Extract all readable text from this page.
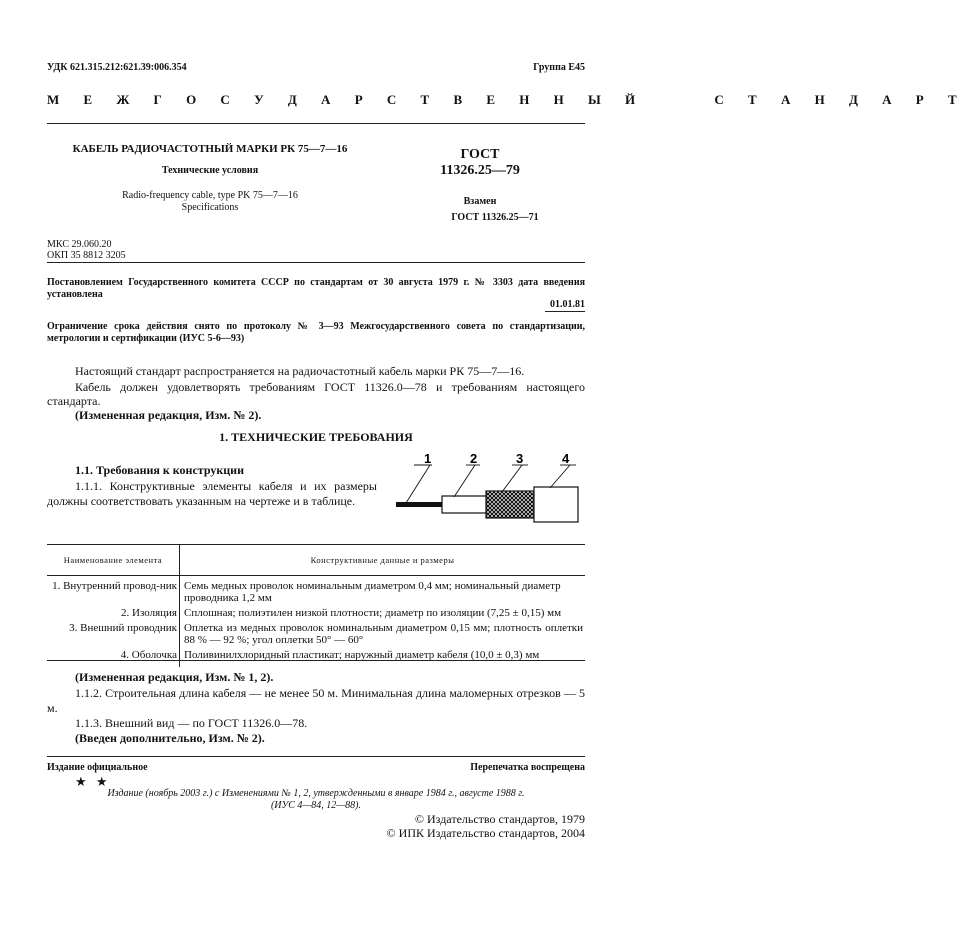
УДК 621.315.212:621.39:006.354	Группа Е45
М Е Ж Г О С У Д А Р С Т В Е Н Н Ы Й     С Т А Н Д А Р Т
КАБЕЛЬ РАДИОЧАСТОТНЫЙ МАРКИ РК 75—7—16
Технические условия
Radio-frequency cable, type PK 75—7—16
Specifications
ГОСТ
11326.25—79
Взамен
ГОСТ 11326.25—71
МКС 29.060.20
ОКП 35 8812 3205
Постановлением Государственного комитета СССР по стандартам от 30 августа 1979 г. № 3303 дата введения установлена
01.01.81
Ограничение срока действия снято по протоколу № 3—93 Межгосударственного совета по стандартизации, метрологии и сертификации (ИУС 5-6—93)
Настоящий стандарт распространяется на радиочастотный кабель марки РК 75—7—16.
Кабель должен удовлетворять требованиям ГОСТ 11326.0—78 и требованиям настоящего стандарта.
(Измененная редакция, Изм. № 2).
1. ТЕХНИЧЕСКИЕ ТРЕБОВАНИЯ
1.1. Требования к конструкции
1.1.1. Конструктивные элементы кабеля и их размеры должны соответствовать указанным на чертеже и в таблице.
1	2	3	4
Наименование элемента	Конструктивные данные и размеры
1. Внутренний провод-ник	Семь медных проволок номинальным диаметром 0,4 мм; номинальный диаметр проводника 1,2 мм
2. Изоляция	Сплошная; полиэтилен низкой плотности; диаметр по изоляции (7,25 ± 0,15) мм
3. Внешний проводник	Оплетка из медных проволок номинальным диаметром 0,15 мм; плотность оплетки 88 % — 92 %; угол оплетки 50° — 60°
4. Оболочка	Поливинилхлоридный пластикат; наружный диаметр кабеля (10,0 ± 0,3) мм
(Измененная редакция, Изм. № 1, 2).
1.1.2. Строительная длина кабеля — не менее 50 м. Минимальная длина маломерных отрезков — 5 м.
1.1.3. Внешний вид — по ГОСТ 11326.0—78.
(Введен дополнительно, Изм. № 2).
Издание официальное	Перепечатка воспрещена
★ ★
Издание (ноябрь 2003 г.) с Изменениями № 1, 2, утвержденными в январе 1984 г., августе 1988 г.
(ИУС 4—84, 12—88).
© Издательство стандартов, 1979
© ИПК Издательство стандартов, 2004
